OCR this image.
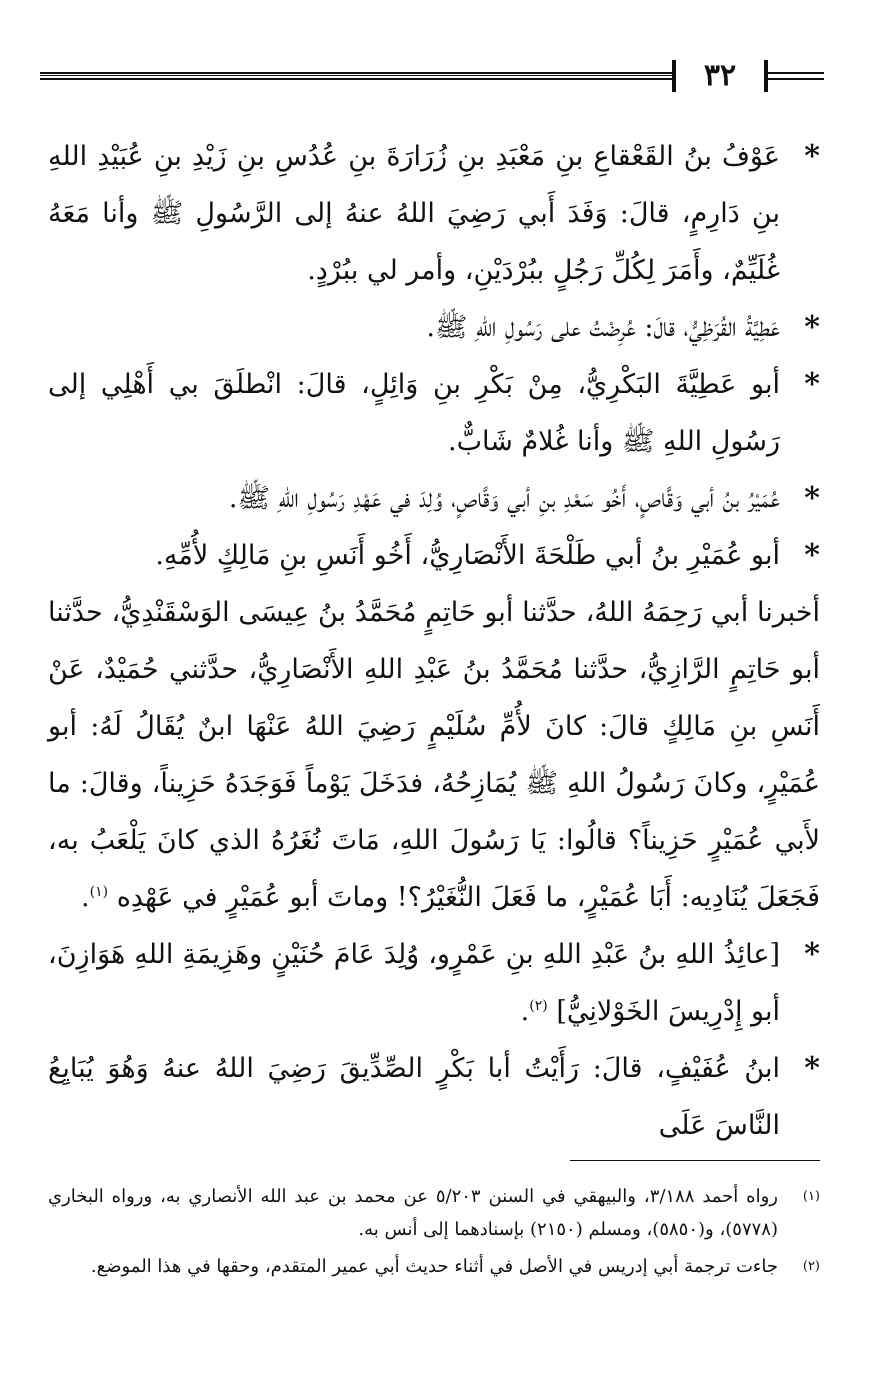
٣٢

*
عَوْفُ بنُ القَعْقاعِ بنِ مَعْبَدِ بنِ زُرَارَةَ بنِ عُدُسِ بنِ زَيْدِ بنِ عُبَيْدِ اللهِ بنِ دَارِمٍ، قالَ: وَفَدَ أَبي رَضِيَ اللهُ عنهُ إلى الرَّسُولِ ﷺ وأنا مَعَهُ غُلَيِّمٌ، وأَمَرَ لِكُلِّ رَجُلٍ ببُرْدَيْنِ، وأمر لي ببُرْدٍ.

*
عَطِيَّةُ القُرَظِيُّ، قالَ: عُرِضْتُ على رَسُولِ اللهِ ﷺ.

*
أبو عَطِيَّةَ البَكْرِيُّ، مِنْ بَكْرِ بنِ وَائِلٍ، قالَ: انْطلَقَ بي أَهْلِي إلى رَسُولِ اللهِ ﷺ وأنا غُلامٌ شَابٌّ.

*
عُمَيْرُ بنُ أبي وَقَّاصٍ، أَخُو سَعْدِ بنِ أبي وَقَّاصٍ، وُلِدَ في عَهْدِ رَسُولِ اللهِ ﷺ.

*
أبو عُمَيْرِ بنُ أبي طَلْحَةَ الأَنْصَارِيُّ، أَخُو أَنَسِ بنِ مَالِكٍ لأُمِّهِ.

أخبرنا أبي رَحِمَهُ اللهُ، حدَّثنا أبو حَاتِمٍ مُحَمَّدُ بنُ عِيسَى الوَسْقَنْدِيُّ، حدَّثنا أبو حَاتِمٍ الرَّازِيُّ، حدَّثنا مُحَمَّدُ بنُ عَبْدِ اللهِ الأَنْصَارِيُّ، حدَّثني حُمَيْدٌ، عَنْ أَنَسِ بنِ مَالِكٍ قالَ: كانَ لأُمِّ سُلَيْمٍ رَضِيَ اللهُ عَنْهَا ابنٌ يُقَالُ لَهُ: أبو عُمَيْرٍ، وكانَ رَسُولُ اللهِ ﷺ يُمَازِحُهُ، فدَخَلَ يَوْماً فَوَجَدَهُ حَزِيناً، وقالَ: ما لأَبي عُمَيْرٍ حَزِيناً؟ قالُوا: يَا رَسُولَ اللهِ، مَاتَ نُغَرُهُ الذي كانَ يَلْعَبُ به، فَجَعَلَ يُنَادِيه: أَبَا عُمَيْرٍ، ما فَعَلَ النُّغَيْرُ؟! وماتَ أبو عُمَيْرٍ في عَهْدِه $^{(١)}$.

*
[عائِذُ اللهِ بنُ عَبْدِ اللهِ بنِ عَمْرٍو، وُلِدَ عَامَ حُنَيْنٍ وهَزِيمَةِ اللهِ هَوَازِنَ، أبو إِدْرِيسَ الخَوْلانِيُّ] $^{(٢)}$.

*
ابنُ عُفَيْفٍ، قالَ: رَأَيْتُ أبا بَكْرٍ الصِّدِّيقَ رَضِيَ اللهُ عنهُ وَهُوَ يُبَايِعُ النَّاسَ عَلَى

(١)
رواه أحمد ٣/١٨٨، والبيهقي في السنن ٥/٢٠٣ عن محمد بن عبد الله الأنصاري به، ورواه البخاري (٥٧٧٨)، و(٥٨٥٠)، ومسلم (٢١٥٠) بإسنادهما إلى أنس به.

(٢)
جاءت ترجمة أبي إدريس في الأصل في أثناء حديث أبي عمير المتقدم، وحقها في هذا الموضع.
